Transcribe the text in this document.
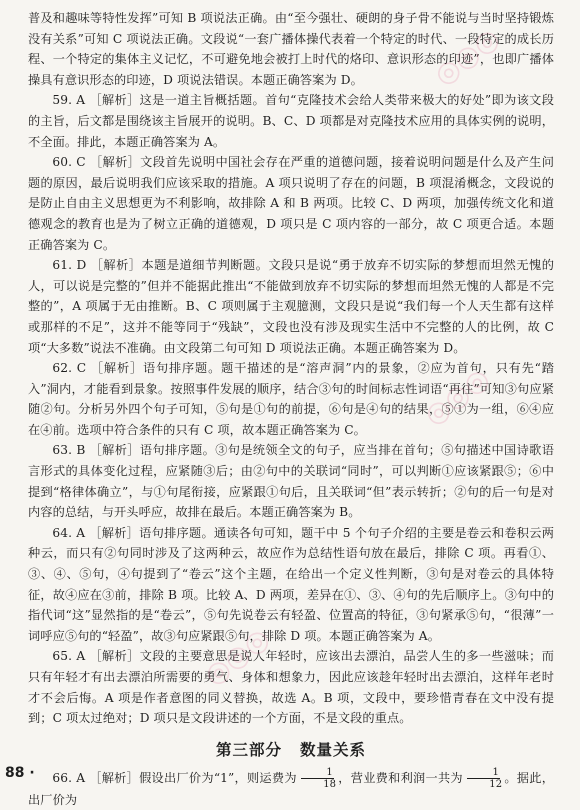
普及和趣味等特性发挥”可知 B 项说法正确。由“至今强壮、硬朗的身子骨不能说与当时坚持锻炼没有关系”可知 C 项说法正确。文段说“一套广播体操代表着一个特定的时代、一段特定的成长历程、一个特定的集体主义记忆，不可避免地会被打上时代的烙印、意识形态的印迹”，也即广播体操具有意识形态的印迹，D 项说法错误。本题正确答案为 D。

59. A ［解析］这是一道主旨概括题。首句“克隆技术会给人类带来极大的好处”即为该文段的主旨，后文都是围绕该主旨展开的说明。B、C、D 项都是对克隆技术应用的具体实例的说明，不全面。排此，本题正确答案为 A。

60. C ［解析］文段首先说明中国社会存在严重的道德问题，接着说明问题是什么及产生问题的原因，最后说明我们应该采取的措施。A 项只说明了存在的问题，B 项混淆概念，文段说的是防止自由主义思想更为不利影响，故排除 A 和 B 两项。比较 C、D 两项，加强传统文化和道德观念的教育也是为了树立正确的道德观，D 项只是 C 项内容的一部分，故 C 项更合适。本题正确答案为 C。

61. D ［解析］本题是道细节判断题。文段只是说“勇于放弃不切实际的梦想而坦然无愧的人，可以说是完整的”但并不能据此推出“不能做到放弃不切实际的梦想而坦然无愧的人都是不完整的”，A 项属于无由推断。B、C 项则属于主观臆测，文段只是说“我们每一个人天生都有这样或那样的不足”，这并不能等同于“残缺”，文段也没有涉及现实生活中不完整的人的比例，故 C 项“大多数”说法不准确。由文段第二句可知 D 项说法正确。本题正确答案为 D。

62. C ［解析］语句排序题。题干描述的是“溶声洞”内的景象，②应为首句，只有先“踏入”洞内，才能看到景象。按照事件发展的顺序，结合③句的时间标志性词语“再往”可知③句应紧随②句。分析另外四个句子可知，⑤句是①句的前提，⑥句是④句的结果，⑤①为一组，⑥④应在④前。选项中符合条件的只有 C 项，故本题正确答案为 C。

63. B ［解析］语句排序题。③句是统领全文的句子，应当排在首句；⑤句描述中国诗歌语言形式的具体变化过程，应紧随③后；由②句中的关联词“同时”，可以判断①应该紧跟⑤；⑥中提到“格律体确立”，与①句尾衔接，应紧跟①句后，且关联词“但”表示转折；②句的后一句是对内容的总结，与开头呼应，故排在最后。本题正确答案为 B。

64. A ［解析］语句排序题。通读各句可知，题干中 5 个句子介绍的主要是卷云和卷积云两种云，而只有②句同时涉及了这两种云，故应作为总结性语句放在最后，排除 C 项。再看①、③、④、⑤句，④句提到了“卷云”这个主题，在给出一个定义性判断，③句是对卷云的具体特征，故④应在③前，排除 B 项。比较 A、D 两项，差异在①、③、④句的先后顺序上。③句中的指代词“这”显然指的是“卷云”，⑤句先说卷云有轻盈、位置高的特征，③句紧承⑤句，“很薄”一词呼应⑤句的“轻盈”，故③句应紧跟⑤句，排除 D 项。本题正确答案为 A。

65. A ［解析］文段的主要意思是说人年轻时，应该出去漂泊，品尝人生的多一些滋味；而只有年轻才有出去漂泊所需要的勇气、身体和想象力，因此应该趁年轻时出去漂泊，这样年老时才不会后悔。A 项是作者意图的同义替换，故选 A。B 项，文段中，要珍惜青春在文中没有提到；C 项太过绝对；D 项只是文段讲述的一个方面，不是文段的重点。

第三部分 数量关系

66. A ［解析］假设出厂价为“1”，则运费为 $\frac{1}{18}$ ，营业费和利润一共为 $\frac{1}{12}$ 。据此，出厂价为

◎◎◎
◎◎◎
◎◎◎
88 ·
